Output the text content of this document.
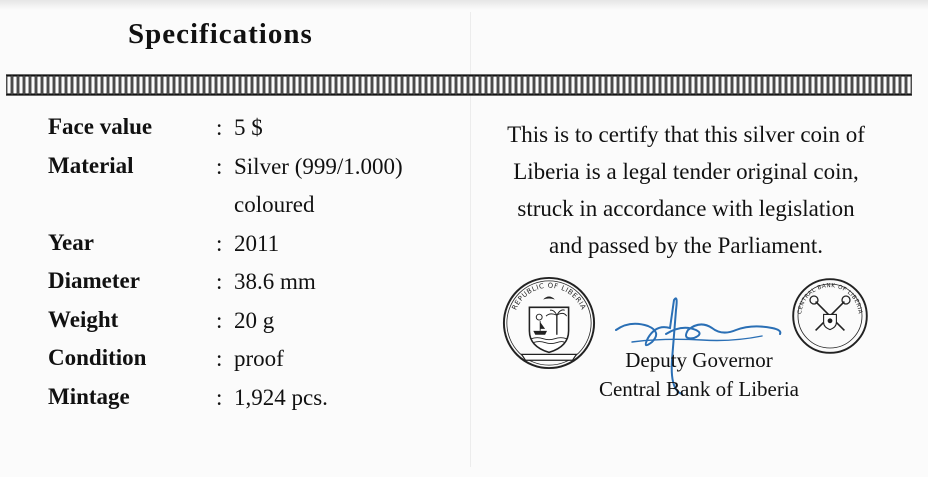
Specifications
Face value	: 5 $
Material	: Silver (999/1.000)
coloured
Year	: 2011
Diameter	: 38.6 mm
Weight	: 20 g
Condition	: proof
Mintage	: 1,924 pcs.
This is to certify that this silver coin of
Liberia is a legal tender original coin,
struck in accordance with legislation
and passed by the Parliament.
REPUBLIC OF LIBERIA
CENTRAL BANK OF LIBERIA
Deputy Governor
Central Bank of Liberia
